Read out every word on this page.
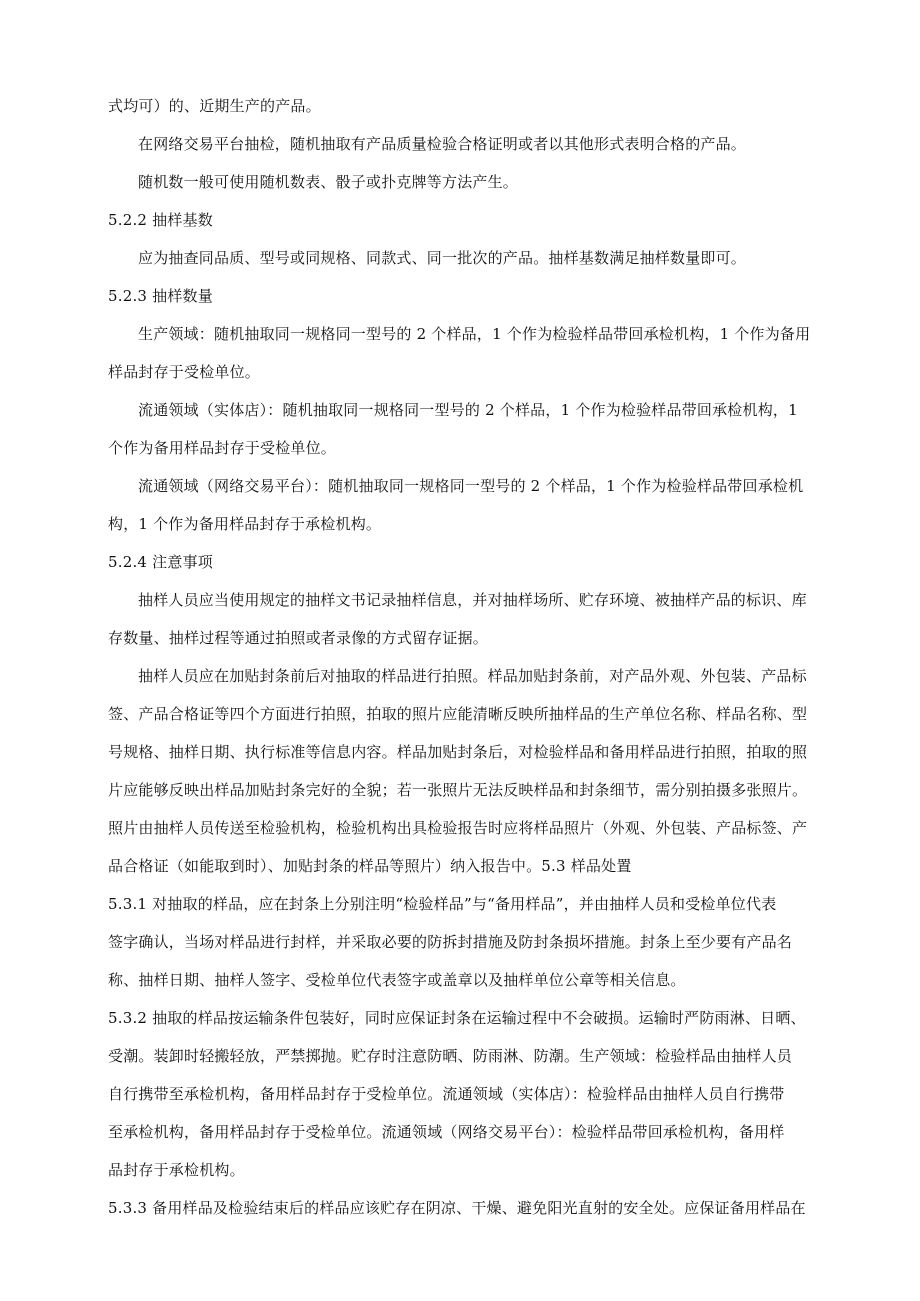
式均可）的、近期生产的产品。
在网络交易平台抽检，随机抽取有产品质量检验合格证明或者以其他形式表明合格的产品。
随机数一般可使用随机数表、骰子或扑克牌等方法产生。
5.2.2 抽样基数
应为抽查同品质、型号或同规格、同款式、同一批次的产品。抽样基数满足抽样数量即可。
5.2.3 抽样数量
生产领域：随机抽取同一规格同一型号的 2 个样品，1 个作为检验样品带回承检机构，1 个作为备用
样品封存于受检单位。
流通领域（实体店）：随机抽取同一规格同一型号的 2 个样品，1 个作为检验样品带回承检机构，1
个作为备用样品封存于受检单位。
流通领域（网络交易平台）：随机抽取同一规格同一型号的 2 个样品，1 个作为检验样品带回承检机
构，1 个作为备用样品封存于承检机构。
5.2.4 注意事项
抽样人员应当使用规定的抽样文书记录抽样信息，并对抽样场所、贮存环境、被抽样产品的标识、库
存数量、抽样过程等通过拍照或者录像的方式留存证据。
抽样人员应在加贴封条前后对抽取的样品进行拍照。样品加贴封条前，对产品外观、外包装、产品标
签、产品合格证等四个方面进行拍照，拍取的照片应能清晰反映所抽样品的生产单位名称、样品名称、型
号规格、抽样日期、执行标准等信息内容。样品加贴封条后，对检验样品和备用样品进行拍照，拍取的照
片应能够反映出样品加贴封条完好的全貌；若一张照片无法反映样品和封条细节，需分别拍摄多张照片。
照片由抽样人员传送至检验机构，检验机构出具检验报告时应将样品照片（外观、外包装、产品标签、产
品合格证（如能取到时）、加贴封条的样品等照片）纳入报告中。5.3 样品处置
5.3.1 对抽取的样品，应在封条上分别注明“检验样品”与“备用样品”，并由抽样人员和受检单位代表
签字确认，当场对样品进行封样，并采取必要的防拆封措施及防封条损坏措施。封条上至少要有产品名
称、抽样日期、抽样人签字、受检单位代表签字或盖章以及抽样单位公章等相关信息。
5.3.2 抽取的样品按运输条件包装好，同时应保证封条在运输过程中不会破损。运输时严防雨淋、日晒、
受潮。装卸时轻搬轻放，严禁掷抛。贮存时注意防晒、防雨淋、防潮。生产领域：检验样品由抽样人员
自行携带至承检机构，备用样品封存于受检单位。流通领域（实体店）：检验样品由抽样人员自行携带
至承检机构，备用样品封存于受检单位。流通领域（网络交易平台）：检验样品带回承检机构，备用样
品封存于承检机构。
5.3.3 备用样品及检验结束后的样品应该贮存在阴凉、干燥、避免阳光直射的安全处。应保证备用样品在
